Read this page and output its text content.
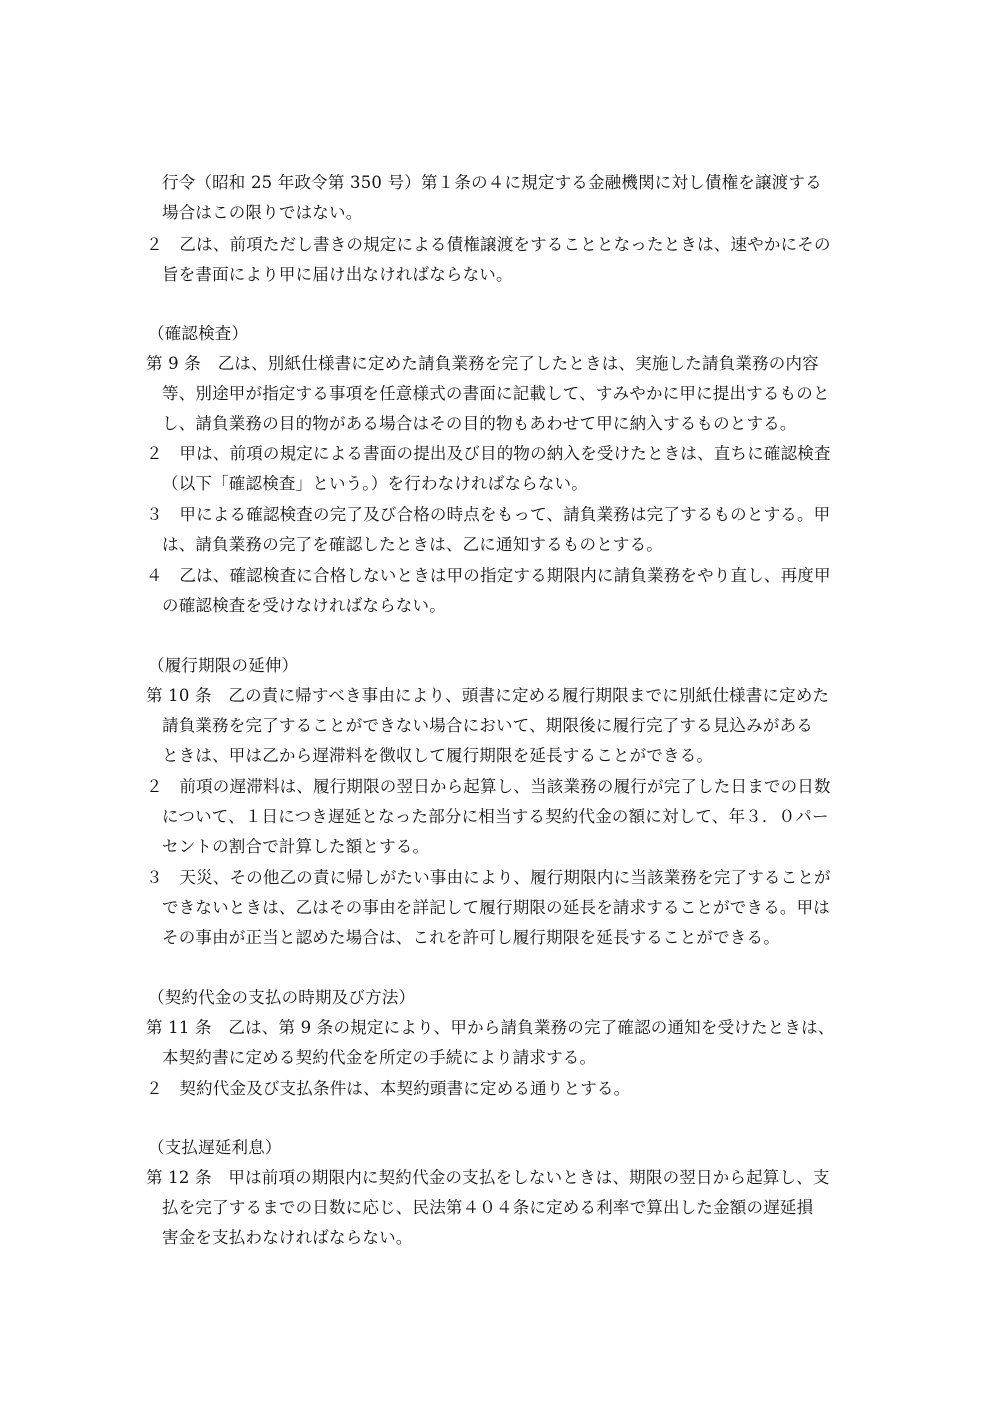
行令（昭和 25 年政令第 350 号）第１条の４に規定する金融機関に対し債権を譲渡する
場合はこの限りではない。
２　乙は、前項ただし書きの規定による債権譲渡をすることとなったときは、速やかにその
旨を書面により甲に届け出なければならない。
（確認検査）
第 9 条　乙は、別紙仕様書に定めた請負業務を完了したときは、実施した請負業務の内容
等、別途甲が指定する事項を任意様式の書面に記載して、すみやかに甲に提出するものと
し、請負業務の目的物がある場合はその目的物もあわせて甲に納入するものとする。
２　甲は、前項の規定による書面の提出及び目的物の納入を受けたときは、直ちに確認検査
（以下「確認検査」という。）を行わなければならない。
３　甲による確認検査の完了及び合格の時点をもって、請負業務は完了するものとする。甲
は、請負業務の完了を確認したときは、乙に通知するものとする。
４　乙は、確認検査に合格しないときは甲の指定する期限内に請負業務をやり直し、再度甲
の確認検査を受けなければならない。
（履行期限の延伸）
第 10 条　乙の責に帰すべき事由により、頭書に定める履行期限までに別紙仕様書に定めた
請負業務を完了することができない場合において、期限後に履行完了する見込みがある
ときは、甲は乙から遅滞料を徴収して履行期限を延長することができる。
２　前項の遅滞料は、履行期限の翌日から起算し、当該業務の履行が完了した日までの日数
について、１日につき遅延となった部分に相当する契約代金の額に対して、年３．０パー
セントの割合で計算した額とする。
３　天災、その他乙の責に帰しがたい事由により、履行期限内に当該業務を完了することが
できないときは、乙はその事由を詳記して履行期限の延長を請求することができる。甲は
その事由が正当と認めた場合は、これを許可し履行期限を延長することができる。
（契約代金の支払の時期及び方法）
第 11 条　乙は、第 9 条の規定により、甲から請負業務の完了確認の通知を受けたときは、
本契約書に定める契約代金を所定の手続により請求する。
２　契約代金及び支払条件は、本契約頭書に定める通りとする。
（支払遅延利息）
第 12 条　甲は前項の期限内に契約代金の支払をしないときは、期限の翌日から起算し、支
払を完了するまでの日数に応じ、民法第４０４条に定める利率で算出した金額の遅延損
害金を支払わなければならない。
